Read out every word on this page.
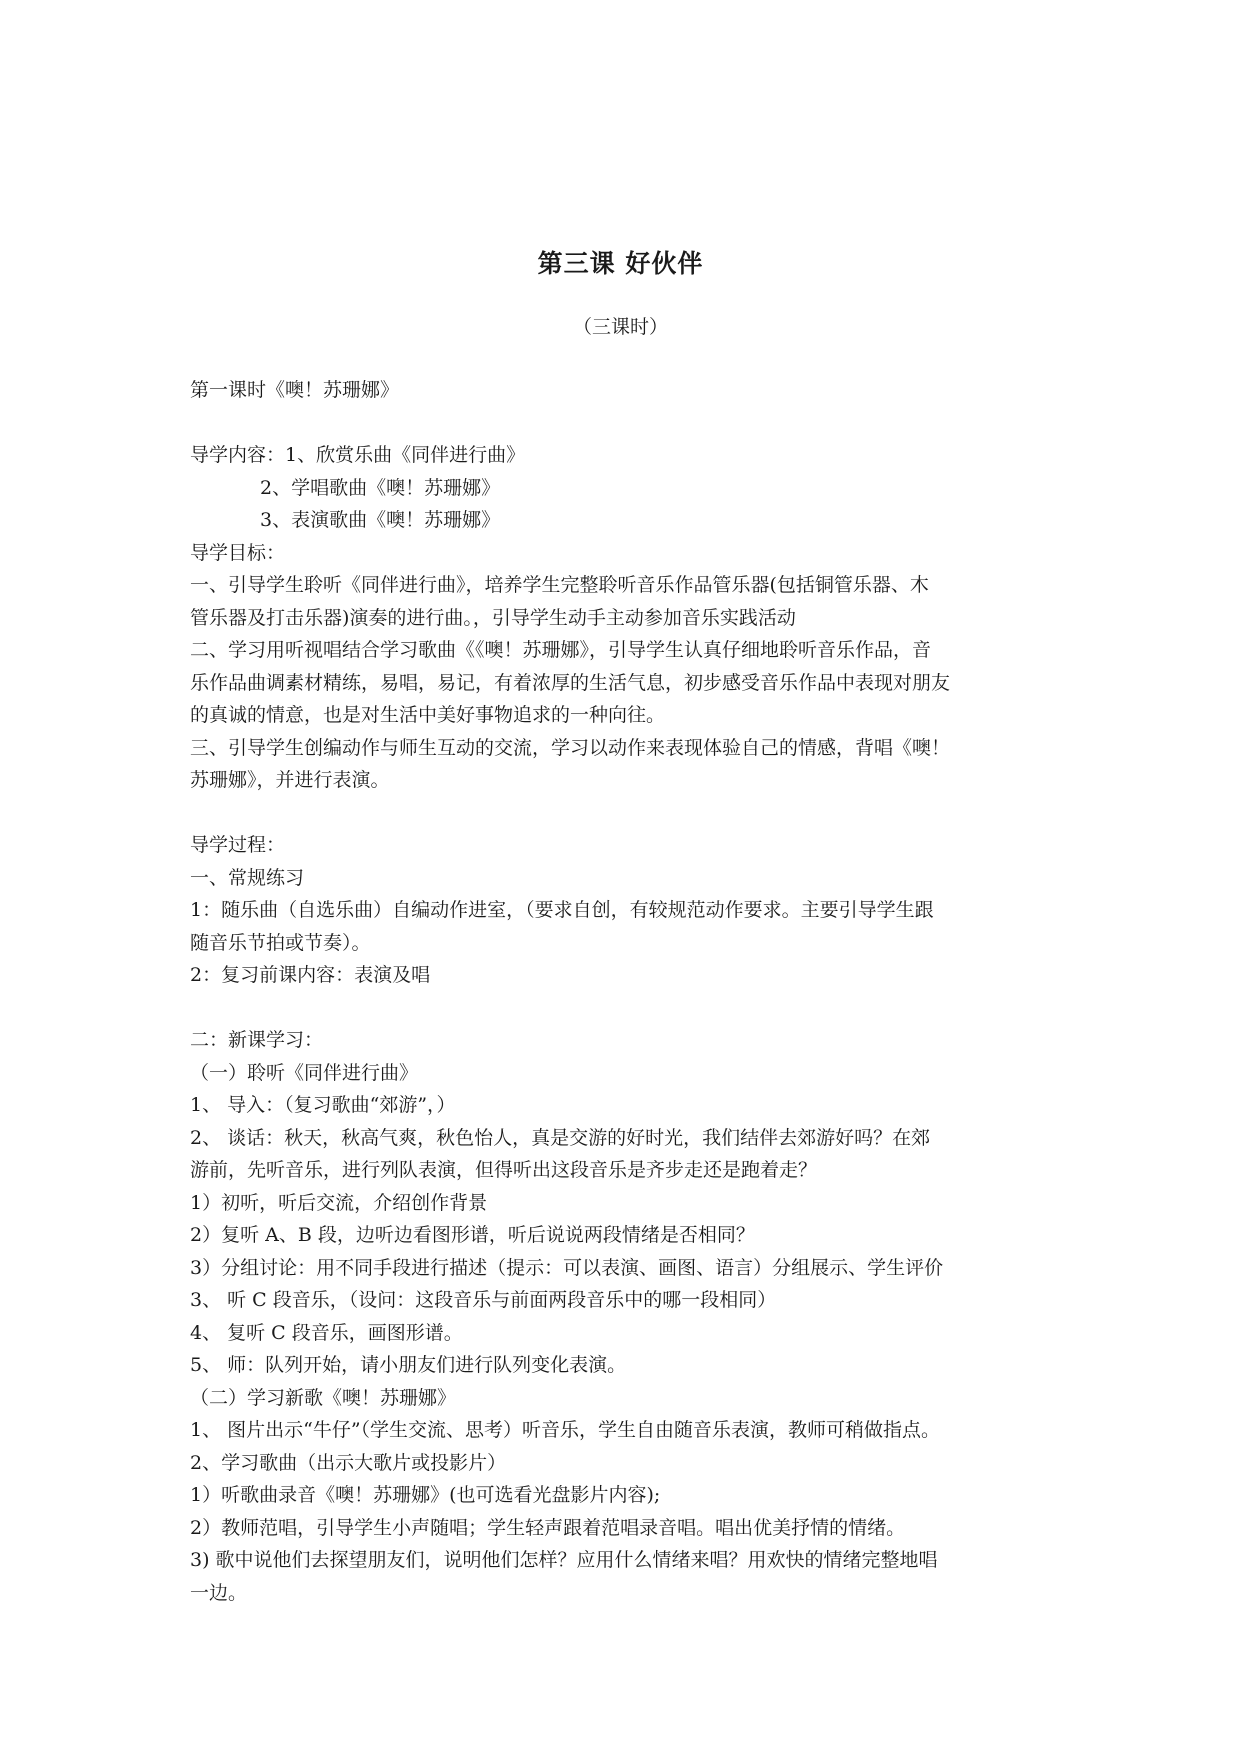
第三课 好伙伴
（三课时）
第一课时《噢！苏珊娜》
导学内容：1、欣赏乐曲《同伴进行曲》
2、学唱歌曲《噢！苏珊娜》
3、表演歌曲《噢！苏珊娜》
导学目标：
一、引导学生聆听《同伴进行曲》，培养学生完整聆听音乐作品管乐器(包括铜管乐器、木
管乐器及打击乐器)演奏的进行曲。，引导学生动手主动参加音乐实践活动
二、学习用听视唱结合学习歌曲《《噢！苏珊娜》，引导学生认真仔细地聆听音乐作品，音
乐作品曲调素材精练，易唱，易记，有着浓厚的生活气息，初步感受音乐作品中表现对朋友
的真诚的情意，也是对生活中美好事物追求的一种向往。
三、引导学生创编动作与师生互动的交流，学习以动作来表现体验自己的情感，背唱《噢！
苏珊娜》，并进行表演。
导学过程：
一、常规练习
1：随乐曲（自选乐曲）自编动作进室，（要求自创，有较规范动作要求。主要引导学生跟
随音乐节拍或节奏）。
2：复习前课内容：表演及唱
二：新课学习：
（一）聆听《同伴进行曲》
1、 导入：（复习歌曲“郊游”，）
2、 谈话：秋天，秋高气爽，秋色怡人，真是交游的好时光，我们结伴去郊游好吗？在郊
游前，先听音乐，进行列队表演，但得听出这段音乐是齐步走还是跑着走？
1）初听，听后交流，介绍创作背景
2）复听 A、B 段，边听边看图形谱，听后说说两段情绪是否相同？
3）分组讨论：用不同手段进行描述（提示：可以表演、画图、语言）分组展示、学生评价
3、 听 C 段音乐，（设问：这段音乐与前面两段音乐中的哪一段相同）
4、 复听 C 段音乐，画图形谱。
5、 师：队列开始，请小朋友们进行队列变化表演。
（二）学习新歌《噢！苏珊娜》
1、 图片出示“牛仔”（学生交流、思考）听音乐，学生自由随音乐表演，教师可稍做指点。
2、学习歌曲（出示大歌片或投影片）
1）听歌曲录音《噢！苏珊娜》(也可选看光盘影片内容);
2）教师范唱，引导学生小声随唱；学生轻声跟着范唱录音唱。唱出优美抒情的情绪。
3) 歌中说他们去探望朋友们，说明他们怎样？应用什么情绪来唱？用欢快的情绪完整地唱
一边。
